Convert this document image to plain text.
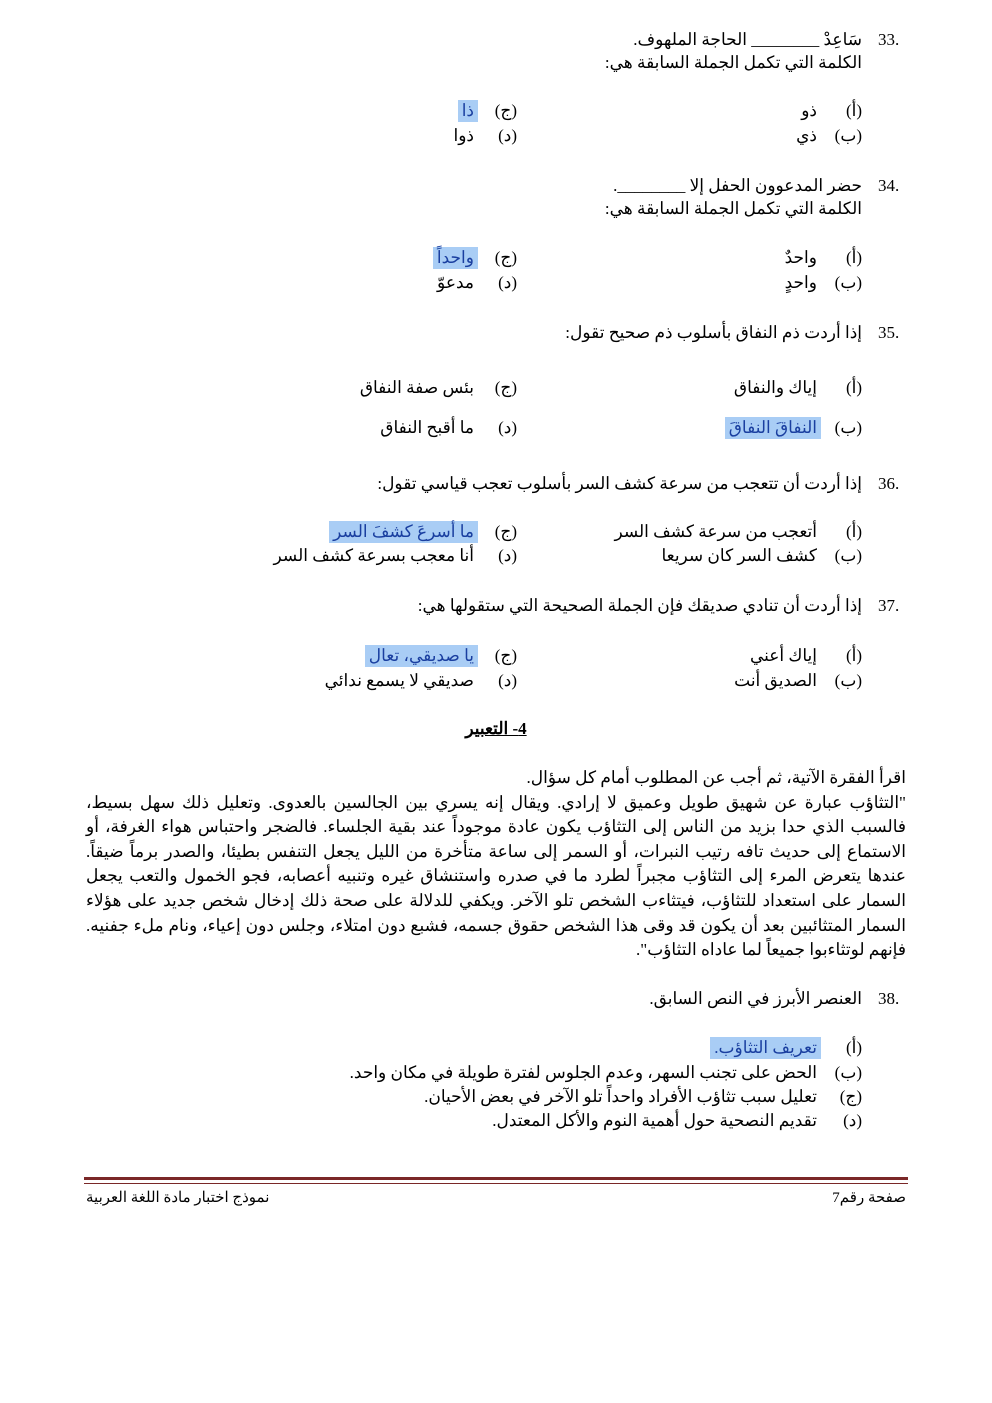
33.
سَاعِدْ ________ الحاجة الملهوف.
الكلمة التي تكمل الجملة السابقة هي:
(أ)
ذو
(ب)
ذي
(ج)
ذا
(د)
ذوا
34.
حضر المدعوون الحفل إلا ________.
الكلمة التي تكمل الجملة السابقة هي:
(أ)
واحدٌ
(ب)
واحدٍ
(ج)
واحداً
(د)
مدعوّ
35.
إذا أردت ذم النفاق بأسلوب ذم صحيح تقول:
(أ)
إياك والنفاق
(ب)
النفاقَ النفاقَ
(ج)
بئس صفة النفاق
(د)
ما أقبح النفاق
36.
إذا أردت أن تتعجب من سرعة كشف السر بأسلوب تعجب قياسي تقول:
(أ)
أتعجب من سرعة كشف السر
(ب)
كشف السر كان سريعا
(ج)
ما أسرعَ كشفَ السر
(د)
أنا معجب بسرعة كشف السر
37.
إذا أردت أن تنادي صديقك فإن الجملة الصحيحة التي ستقولها هي:
(أ)
إياك أعني
(ب)
الصديق أنت
(ج)
يا صديقي، تعال
(د)
صديقي لا يسمع ندائي
4- التعبير

اقرأ الفقرة الآتية، ثم أجب عن المطلوب أمام كل سؤال.

"التثاؤب عبارة عن شهيق طويل وعميق لا إرادي. ويقال إنه يسري بين الجالسين بالعدوى. وتعليل ذلك سهل بسيط، فالسبب الذي حدا بزيد من الناس إلى التثاؤب يكون عادة موجوداً عند بقية الجلساء. فالضجر واحتباس هواء الغرفة، أو الاستماع إلى حديث تافه رتيب النبرات، أو السمر إلى ساعة متأخرة من الليل يجعل التنفس بطيئا، والصدر برماً ضيقاً. عندها يتعرض المرء إلى التثاؤب مجبراً لطرد ما في صدره واستنشاق غيره وتنبيه أعصابه، فجو الخمول والتعب يجعل السمار على استعداد للتثاؤب، فيتثاءب الشخص تلو الآخر. ويكفي للدلالة على صحة ذلك إدخال شخص جديد على هؤلاء السمار المتثائبين بعد أن يكون قد وقى هذا الشخص حقوق جسمه، فشبع دون امتلاء، وجلس دون إعياء، ونام ملء جفنيه. فإنهم لوتثاءبوا جميعاً لما عاداه التثاؤب".

38.
العنصر الأبرز في النص السابق.
(أ)
تعريف التثاؤب.
(ب)
الحض على تجنب السهر، وعدم الجلوس لفترة طويلة في مكان واحد.
(ج)
تعليل سبب تثاؤب الأفراد واحداً تلو الآخر في بعض الأحيان.
(د)
تقديم النصحية حول أهمية النوم والأكل المعتدل.
صفحة رقم7
نموذج اختبار مادة اللغة العربية
